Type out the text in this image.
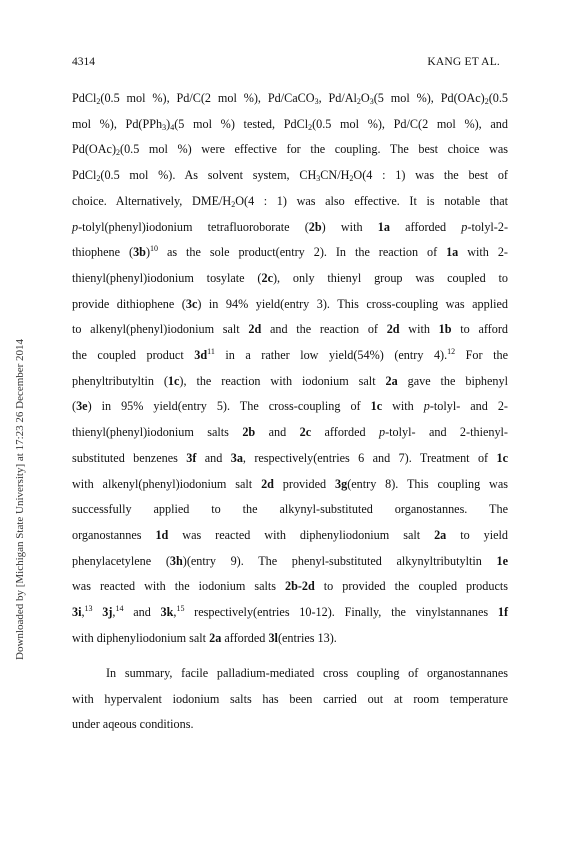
4314	KANG ET AL.
Downloaded by [Michigan State University] at 17:23 26 December 2014
PdCl$_2$(0.5 mol %), Pd/C(2 mol %), Pd/CaCO$_3$, $Pd/Al_2O_3(5$ mol %), $Pd(OAc)_2(0.5$
mol %), $Pd(PPh_3)_4(5$ mol %) tested, PdCl$_2$(0.5 mol %), Pd/C(2 mol %), and
$Pd(OAc)_2(0.5$ mol %) were effective for the coupling. The best choice was
PdCl$_2$(0.5 mol %). As solvent system, $CH_3CN/H_2O(4$ : 1) was the best of
choice. Alternatively, DME/$H_2O(4$ : 1) was also effective. It is notable that
p-tolyl(phenyl)iodonium tetrafluoroborate (2b) with 1a afforded p-tolyl-2-
thiophene $(3b)^{10}$ as the sole product(entry 2). In the reaction of 1a with 2-
thienyl(phenyl)iodonium tosylate (2c), only thienyl group was coupled to
provide dithiophene (3c) in 94% yield(entry 3). This cross-coupling was applied
to alkenyl(phenyl)iodonium salt 2d and the reaction of 2d with 1b to afford
the coupled product $3d^{11}$ in a rather low yield(54%) (entry 4).$^{12}$ For the
phenyltributyltin (1c), the reaction with iodonium salt 2a gave the biphenyl
(3e) in 95% yield(entry 5). The cross-coupling of 1c with p-tolyl- and 2-
thienyl(phenyl)iodonium salts 2b and 2c afforded p-tolyl- and 2-thienyl-
substituted benzenes 3f and 3a, respectively(entries 6 and 7). Treatment of 1c
with alkenyl(phenyl)iodonium salt 2d provided 3g(entry 8). This coupling was
successfully applied to the alkynyl-substituted organostannes. The
organostannes 1d was reacted with diphenyliodonium salt 2a to yield
phenylacetylene (3h)(entry 9). The phenyl-substituted alkynyltributyltin 1e
was reacted with the iodonium salts 2b-2d to provided the coupled products
3i,$^{13}$ 3j,$^{14}$ and 3k,$^{15}$ respectively(entries 10-12). Finally, the vinylstannanes 1f
with diphenyliodonium salt 2a afforded 3l(entries 13).
In summary, facile palladium-mediated cross coupling of organostannanes
with hypervalent iodonium salts has been carried out at room temperature
under aqeous conditions.
